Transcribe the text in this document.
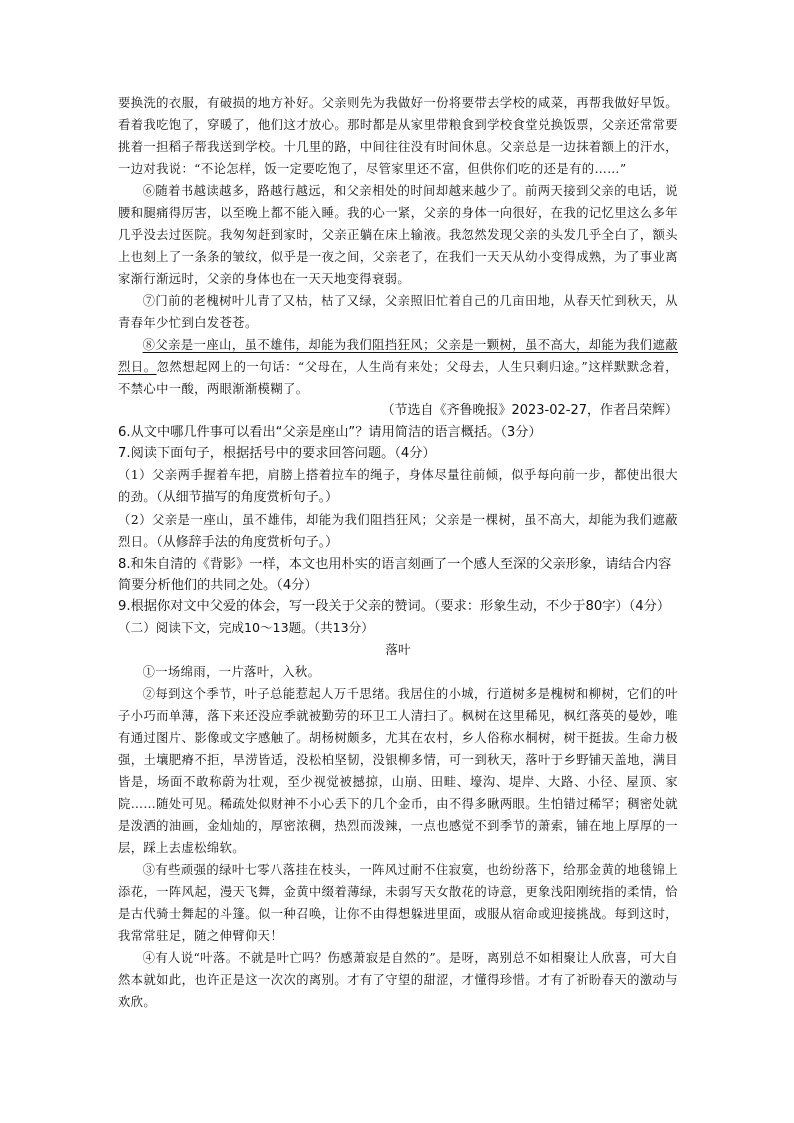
要换洗的衣服，有破损的地方补好。父亲则先为我做好一份将要带去学校的咸菜，再帮我做好早饭。看着我吃饱了，穿暖了，他们这才放心。那时都是从家里带粮食到学校食堂兑换饭票，父亲还常常要挑着一担稻子帮我送到学校。十几里的路，中间往往没有时间休息。父亲总是一边抹着额上的汗水，一边对我说：“不论怎样，饭一定要吃饱了，尽管家里还不富，但供你们吃的还是有的……”

⑥随着书越读越多，路越行越远，和父亲相处的时间却越来越少了。前两天接到父亲的电话，说腰和腿痛得厉害，以至晚上都不能入睡。我的心一紧，父亲的身体一向很好，在我的记忆里这么多年几乎没去过医院。我匆匆赶到家时，父亲正躺在床上输液。我忽然发现父亲的头发几乎全白了，额头上也刻上了一条条的皱纹，似乎是一夜之间，父亲老了，在我们一天天从幼小变得成熟，为了事业离家渐行渐远时，父亲的身体也在一天天地变得衰弱。

⑦门前的老槐树叶儿青了又枯，枯了又绿，父亲照旧忙着自己的几亩田地，从春天忙到秋天，从青春年少忙到白发苍苍。

⑧父亲是一座山，虽不雄伟，却能为我们阻挡狂风；父亲是一颗树，虽不高大，却能为我们遮蔽烈日。忽然想起网上的一句话：“父母在，人生尚有来处；父母去，人生只剩归途。”这样默默念着，不禁心中一酸，两眼渐渐模糊了。

（节选自《齐鲁晚报》2023-02-27，作者吕荣辉）

6.从文中哪几件事可以看出“父亲是座山”？请用简洁的语言概括。（3分）

7.阅读下面句子，根据括号中的要求回答问题。（4分）

（1）父亲两手握着车把，肩膀上搭着拉车的绳子，身体尽量往前倾，似乎每向前一步，都使出很大的劲。（从细节描写的角度赏析句子。）

（2）父亲是一座山，虽不雄伟，却能为我们阻挡狂风；父亲是一棵树，虽不高大，却能为我们遮蔽烈日。（从修辞手法的角度赏析句子。）

8.和朱自清的《背影》一样，本文也用朴实的语言刻画了一个感人至深的父亲形象，请结合内容简要分析他们的共同之处。（4分）

9.根据你对文中父爱的体会，写一段关于父亲的赞词。（要求：形象生动，不少于80字）（4分）

（二）阅读下文，完成10～13题。（共13分）

落叶

①一场绵雨，一片落叶，入秋。

②每到这个季节，叶子总能惹起人万千思绪。我居住的小城，行道树多是槐树和柳树，它们的叶子小巧而单薄，落下来还没应季就被勤劳的环卫工人清扫了。枫树在这里稀见，枫红落英的曼妙，唯有通过图片、影像或文字感触了。胡杨树颇多，尤其在农村，乡人俗称水桐树，树干挺拔。生命力极强，土壤肥瘠不拒，旱涝皆适，没松柏坚韧，没银柳多情，可一到秋天，落叶于乡野铺天盖地，满目皆是，场面不敢称蔚为壮观，至少视觉被撼掠，山崩、田畦、壕沟、堤岸、大路、小径、屋顶、家院……随处可见。稀疏处似财神不小心丢下的几个金币，由不得多瞅两眼。生怕错过稀罕；稠密处就是泼洒的油画，金灿灿的，厚密浓稠，热烈而泼辣，一点也感觉不到季节的萧索，铺在地上厚厚的一层，踩上去虚松绵软。

③有些顽强的绿叶七零八落挂在枝头，一阵风过耐不住寂寞，也纷纷落下，给那金黄的地毯锦上添花，一阵风起，漫天飞舞，金黄中缀着薄绿，未弱写天女散花的诗意，更象浅阳刚统指的柔情，恰是古代骑士舞起的斗篷。似一种召唤，让你不由得想躲进里面，或服从宿命或迎接挑战。每到这时，我常常驻足，随之伸臂仰天！

④有人说“叶落。不就是叶亡吗？伤感萧寂是自然的”。是呀，离别总不如相聚让人欣喜，可大自然本就如此，也许正是这一次次的离别。才有了守望的甜涩，才懂得珍惜。才有了祈盼春天的激动与欢欣。
